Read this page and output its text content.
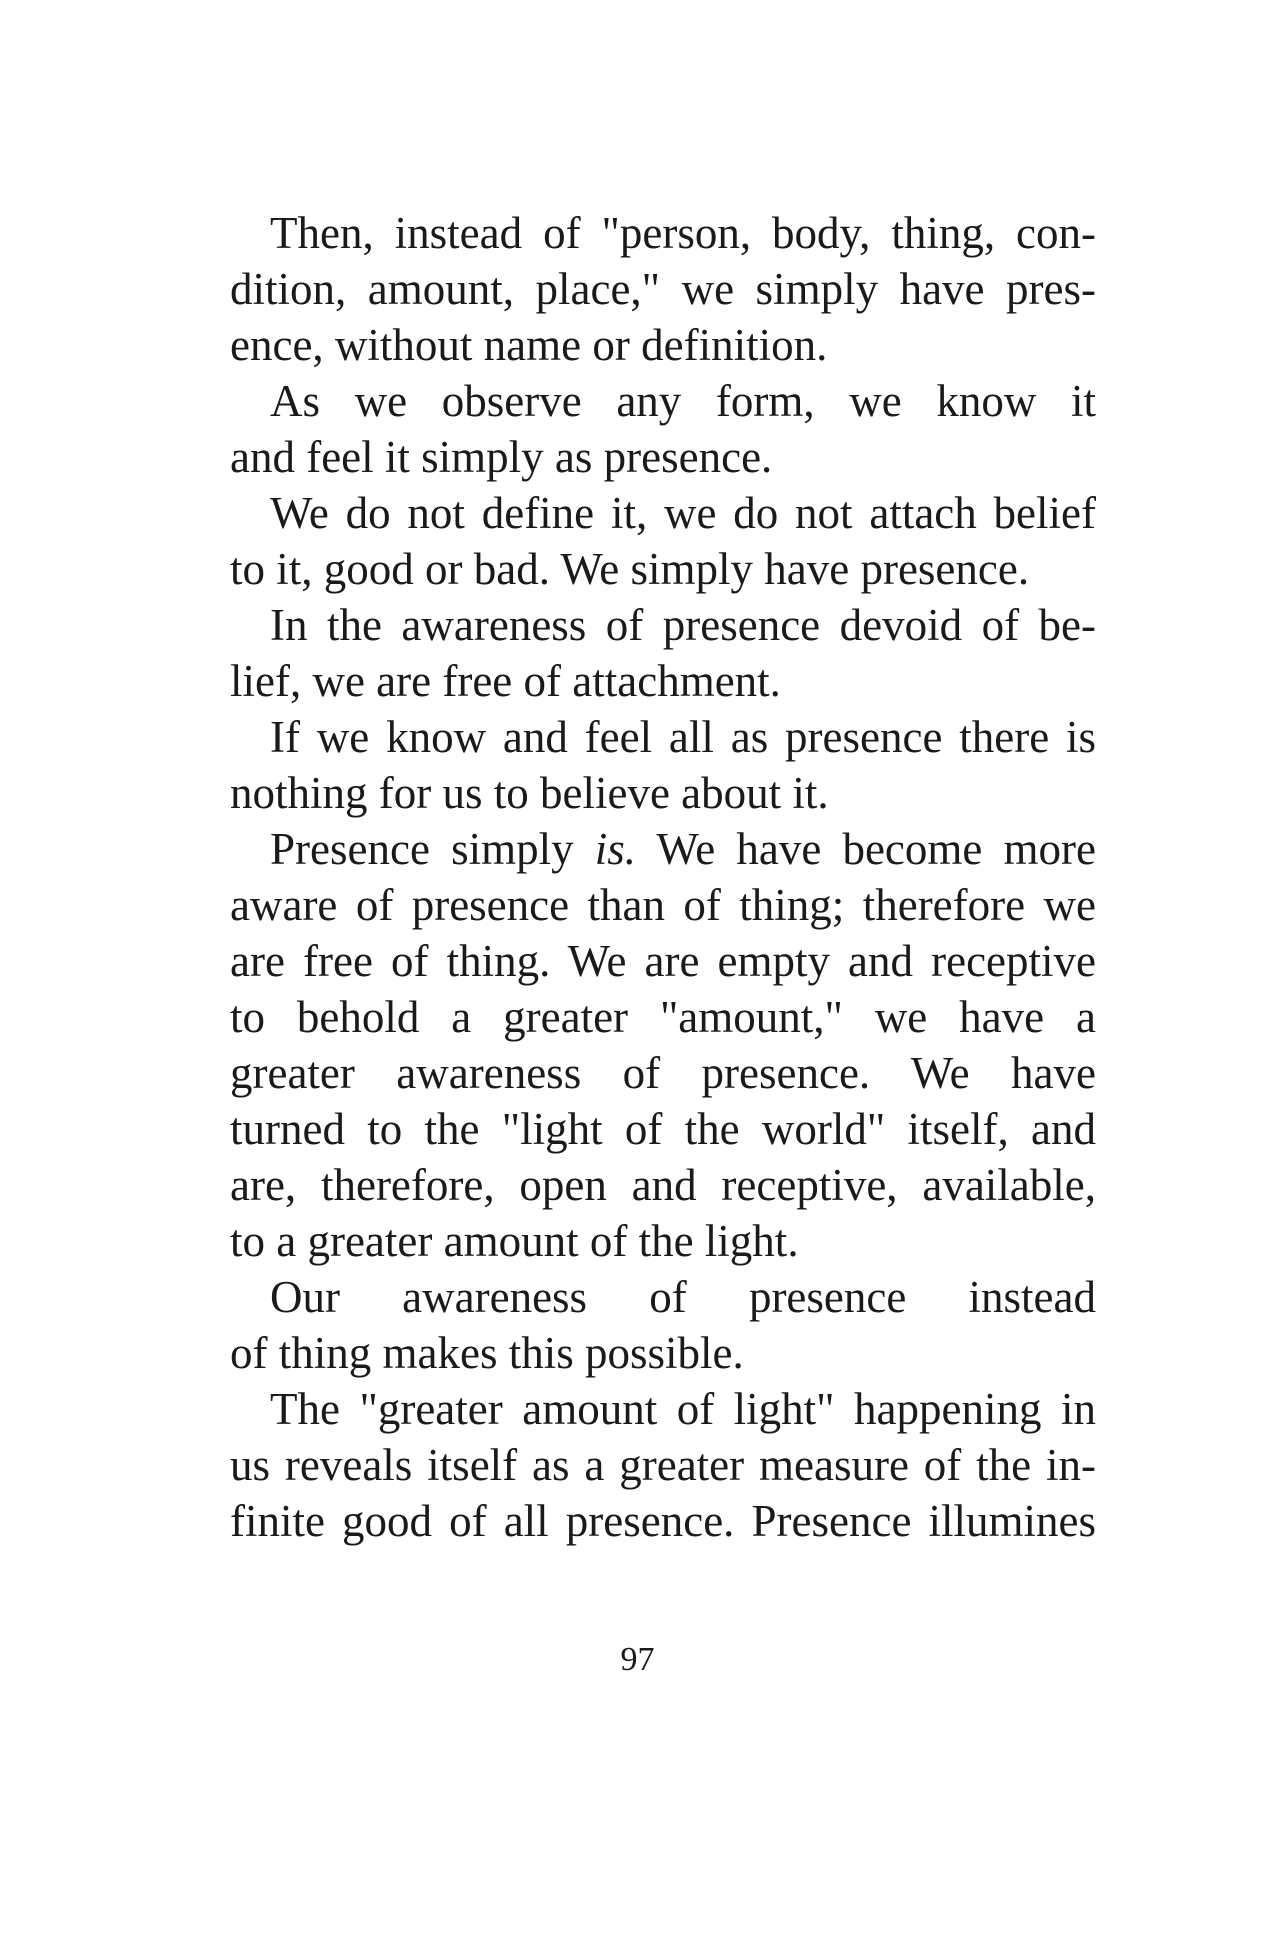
Then, instead of "person, body, thing, con-
dition, amount, place," we simply have pres-
ence, without name or definition.

As we observe any form, we know it
and feel it simply as presence.

We do not define it, we do not attach belief
to it, good or bad. We simply have presence.

In the awareness of presence devoid of be-
lief, we are free of attachment.

If we know and feel all as presence there is
nothing for us to believe about it.

Presence simply is. We have become more
aware of presence than of thing; therefore we
are free of thing. We are empty and receptive
to behold a greater "amount," we have a
greater awareness of presence. We have
turned to the "light of the world" itself, and
are, therefore, open and receptive, available,
to a greater amount of the light.

Our awareness of presence instead
of thing makes this possible.

The "greater amount of light" happening in
us reveals itself as a greater measure of the in-
finite good of all presence. Presence illumines

97
